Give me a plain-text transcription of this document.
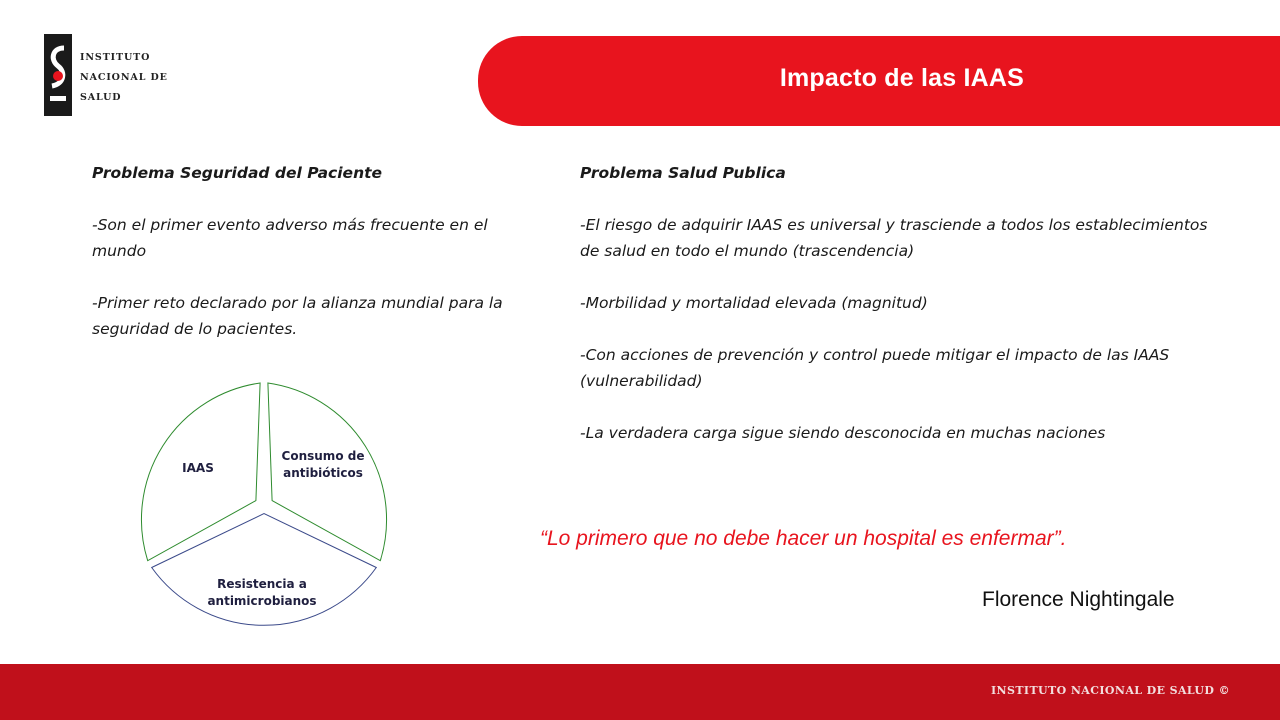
INSTITUTO
NACIONAL DE
SALUD
Impacto de las IAAS

Problema Seguridad del Paciente

-Son el primer evento adverso más frecuente en el mundo

-Primer reto declarado por la alianza mundial para la seguridad de lo pacientes.

Problema Salud Publica

-El riesgo de adquirir IAAS es universal y trasciende a todos los establecimientos de salud en todo el mundo (trascendencia)

-Morbilidad y mortalidad elevada (magnitud)

-Con acciones de prevención y control puede mitigar el impacto de las IAAS (vulnerabilidad)

-La verdadera carga sigue siendo desconocida en muchas naciones

IAAS
Consumo de
antibióticos
Resistencia a
antimicrobianos
“Lo primero que no debe hacer un hospital es enfermar”.
Florence Nightingale
INSTITUTO NACIONAL DE SALUD ©
